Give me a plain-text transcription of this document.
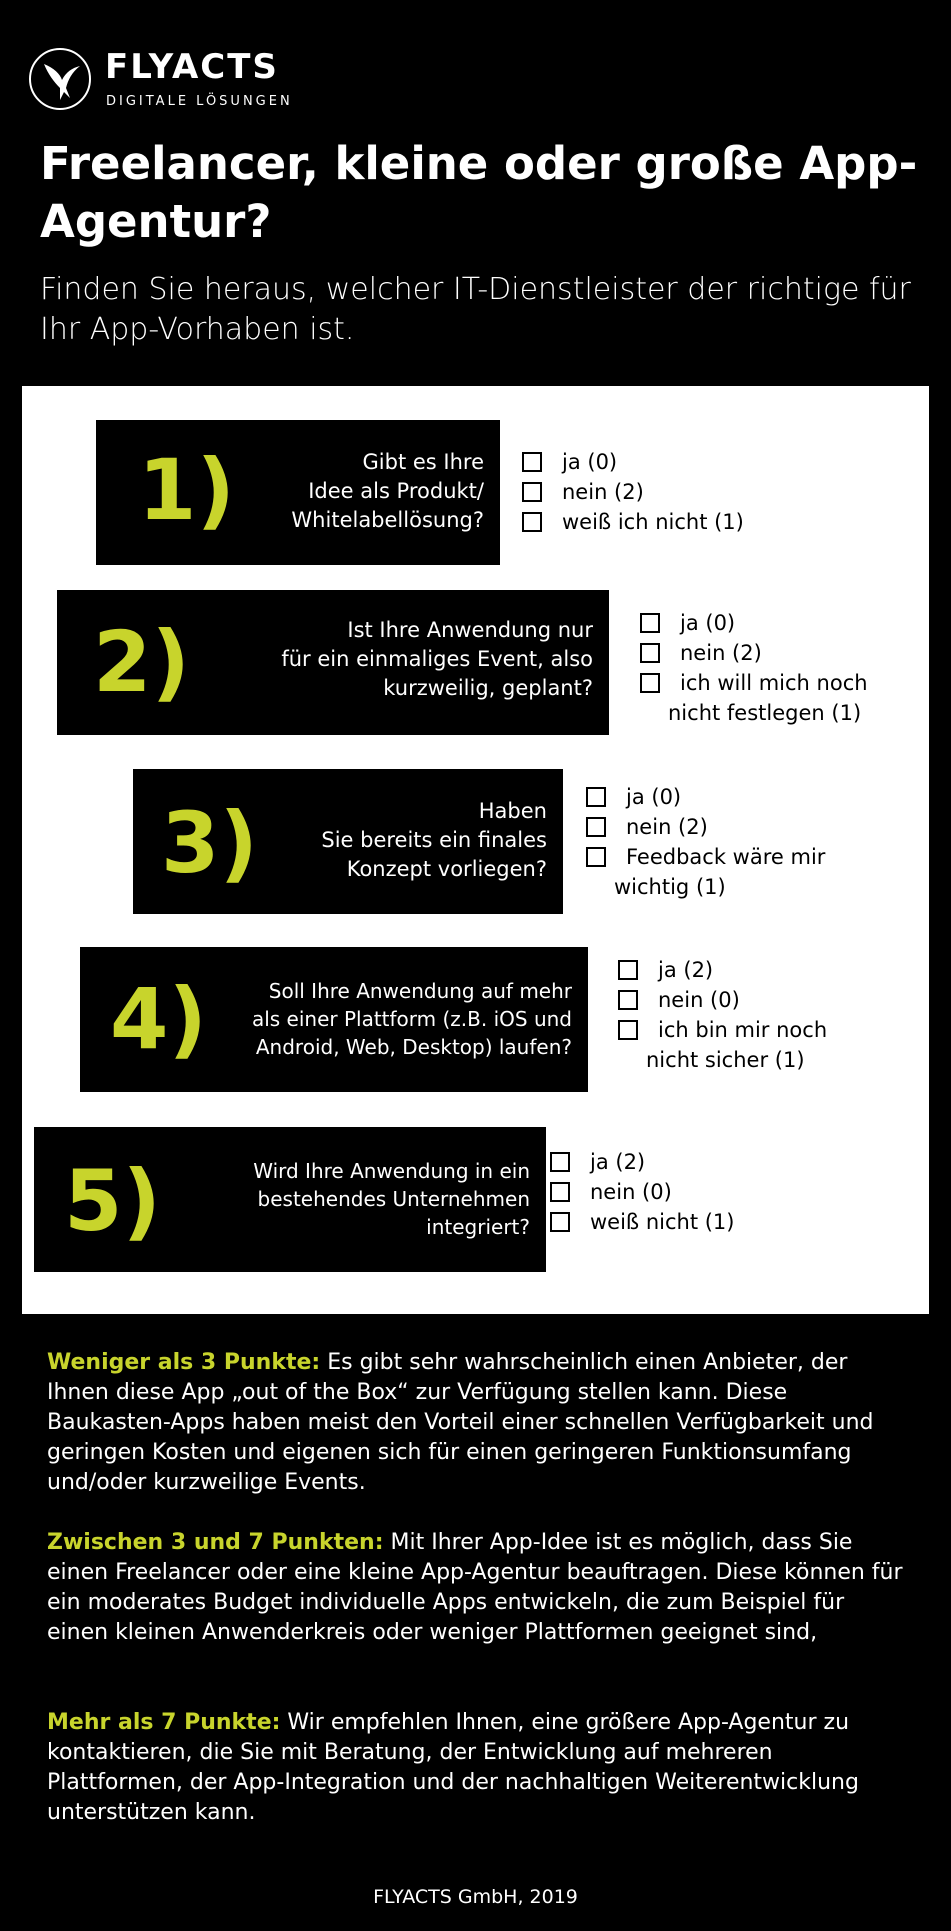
FLYACTS
DIGITALE LÖSUNGEN
Freelancer, kleine oder große App-Agentur?
Finden Sie heraus, welcher IT-Dienstleister der richtige für Ihr App-Vorhaben ist.
1)	Gibt es Ihre
Idee als Produkt/
Whitelabellösung?
ja (0)
nein (2)
weiß ich nicht (1)
2)	Ist Ihre Anwendung nur
für ein einmaliges Event, also
kurzweilig, geplant?
ja (0)
nein (2)
ich will mich noch
nicht festlegen (1)
3)	Haben
Sie bereits ein finales
Konzept vorliegen?
ja (0)
nein (2)
Feedback wäre mir
wichtig (1)
4)	Soll Ihre Anwendung auf mehr
als einer Plattform (z.B. iOS und
Android, Web, Desktop) laufen?
ja (2)
nein (0)
ich bin mir noch
nicht sicher (1)
5)	Wird Ihre Anwendung in ein
bestehendes Unternehmen
integriert?
ja (2)
nein (0)
weiß nicht (1)
Weniger als 3 Punkte: Es gibt sehr wahrscheinlich einen Anbieter, der Ihnen diese App „out of the Box“ zur Verfügung stellen kann. Diese Baukasten-Apps haben meist den Vorteil einer schnellen Verfügbarkeit und geringen Kosten und eigenen sich für einen geringeren Funktionsumfang und/oder kurzweilige Events.
Zwischen 3 und 7 Punkten: Mit Ihrer App-Idee ist es möglich, dass Sie einen Freelancer oder eine kleine App-Agentur beauftragen. Diese können für ein moderates Budget individuelle Apps entwickeln, die zum Beispiel für einen kleinen Anwenderkreis oder weniger Plattformen geeignet sind,
Mehr als 7 Punkte: Wir empfehlen Ihnen, eine größere App-Agentur zu kontaktieren, die Sie mit Beratung, der Entwicklung auf mehreren Plattformen, der App-Integration und der nachhaltigen Weiterentwicklung unterstützen kann.
FLYACTS GmbH, 2019
